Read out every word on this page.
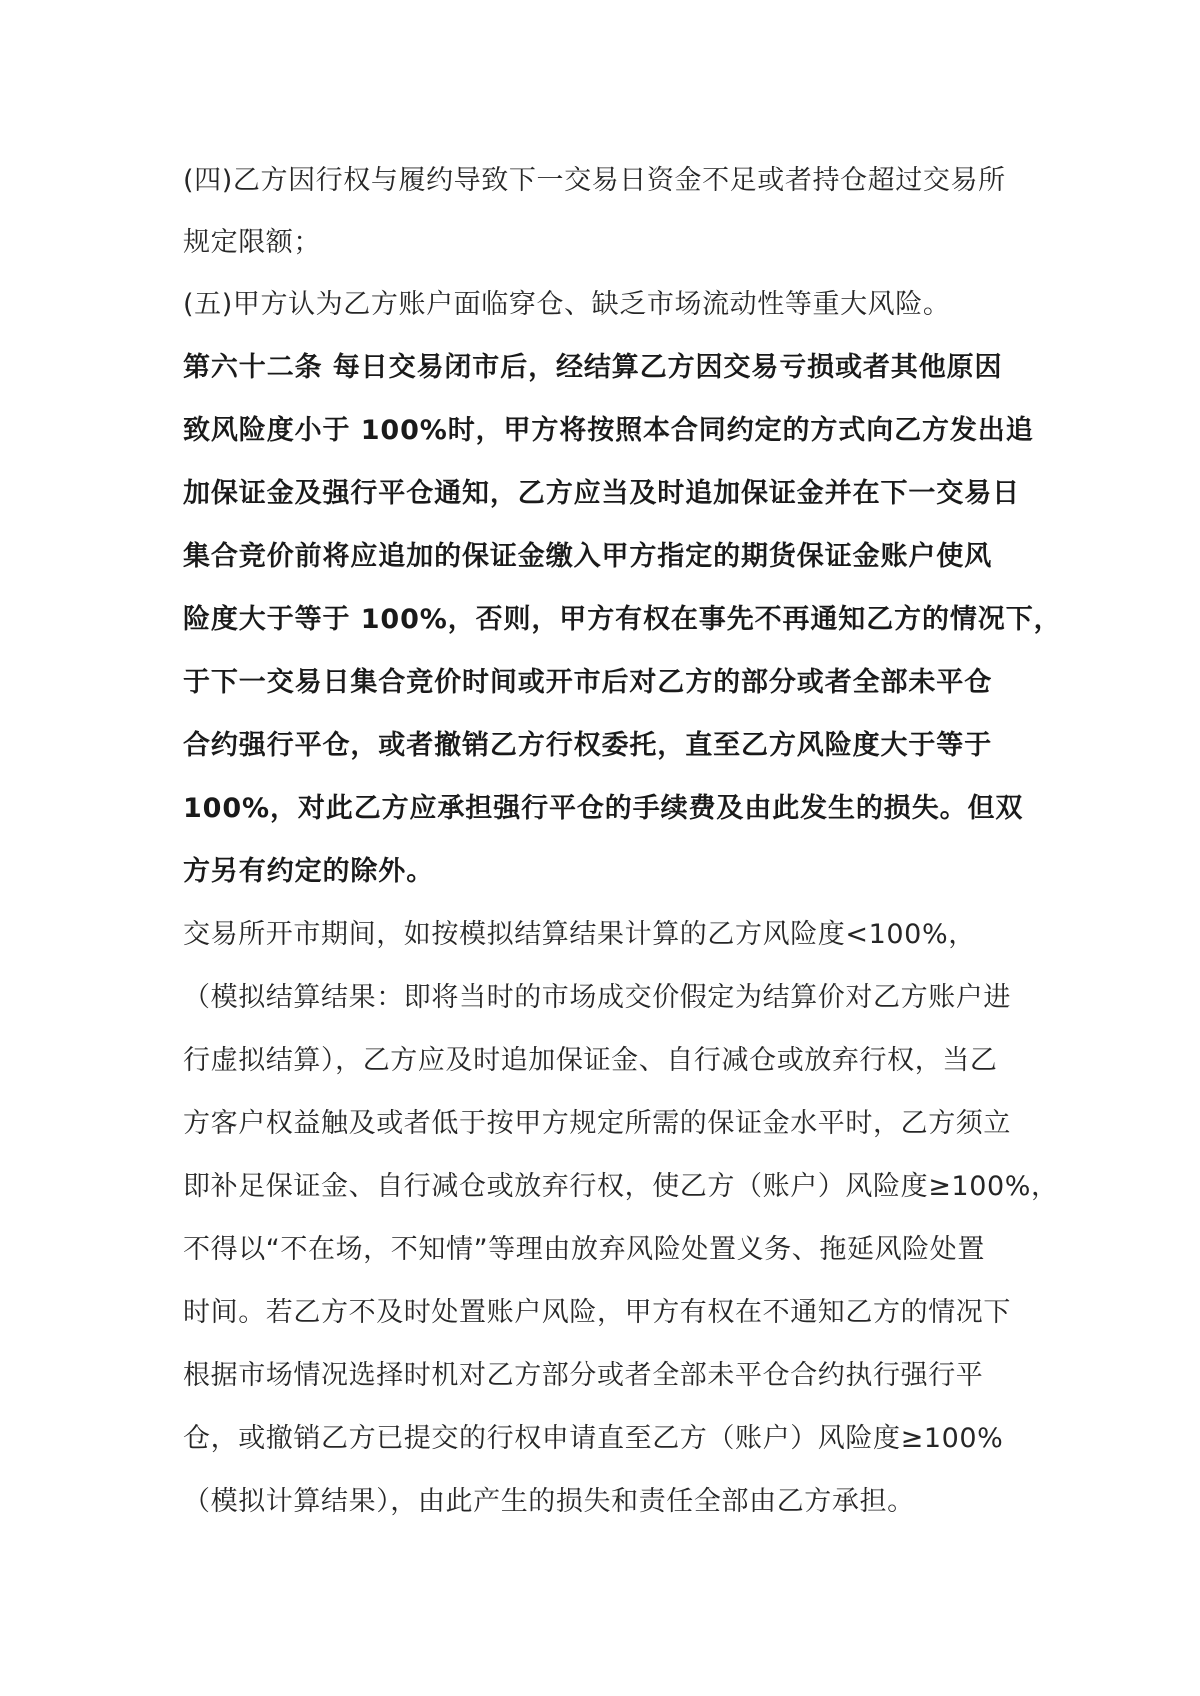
(四)乙方因行权与履约导致下一交易日资金不足或者持仓超过交易所
规定限额；
(五)甲方认为乙方账户面临穿仓、缺乏市场流动性等重大风险。
第六十二条 每日交易闭市后，经结算乙方因交易亏损或者其他原因
致风险度小于 100%时，甲方将按照本合同约定的方式向乙方发出追
加保证金及强行平仓通知，乙方应当及时追加保证金并在下一交易日
集合竞价前将应追加的保证金缴入甲方指定的期货保证金账户使风
险度大于等于 100%，否则，甲方有权在事先不再通知乙方的情况下，
于下一交易日集合竞价时间或开市后对乙方的部分或者全部未平仓
合约强行平仓，或者撤销乙方行权委托，直至乙方风险度大于等于
100%，对此乙方应承担强行平仓的手续费及由此发生的损失。但双
方另有约定的除外。
交易所开市期间，如按模拟结算结果计算的乙方风险度<100%，
（模拟结算结果：即将当时的市场成交价假定为结算价对乙方账户进
行虚拟结算），乙方应及时追加保证金、自行减仓或放弃行权，当乙
方客户权益触及或者低于按甲方规定所需的保证金水平时，乙方须立
即补足保证金、自行减仓或放弃行权，使乙方（账户）风险度≥100%，
不得以“不在场，不知情”等理由放弃风险处置义务、拖延风险处置
时间。若乙方不及时处置账户风险，甲方有权在不通知乙方的情况下
根据市场情况选择时机对乙方部分或者全部未平仓合约执行强行平
仓，或撤销乙方已提交的行权申请直至乙方（账户）风险度≥100%
（模拟计算结果），由此产生的损失和责任全部由乙方承担。
